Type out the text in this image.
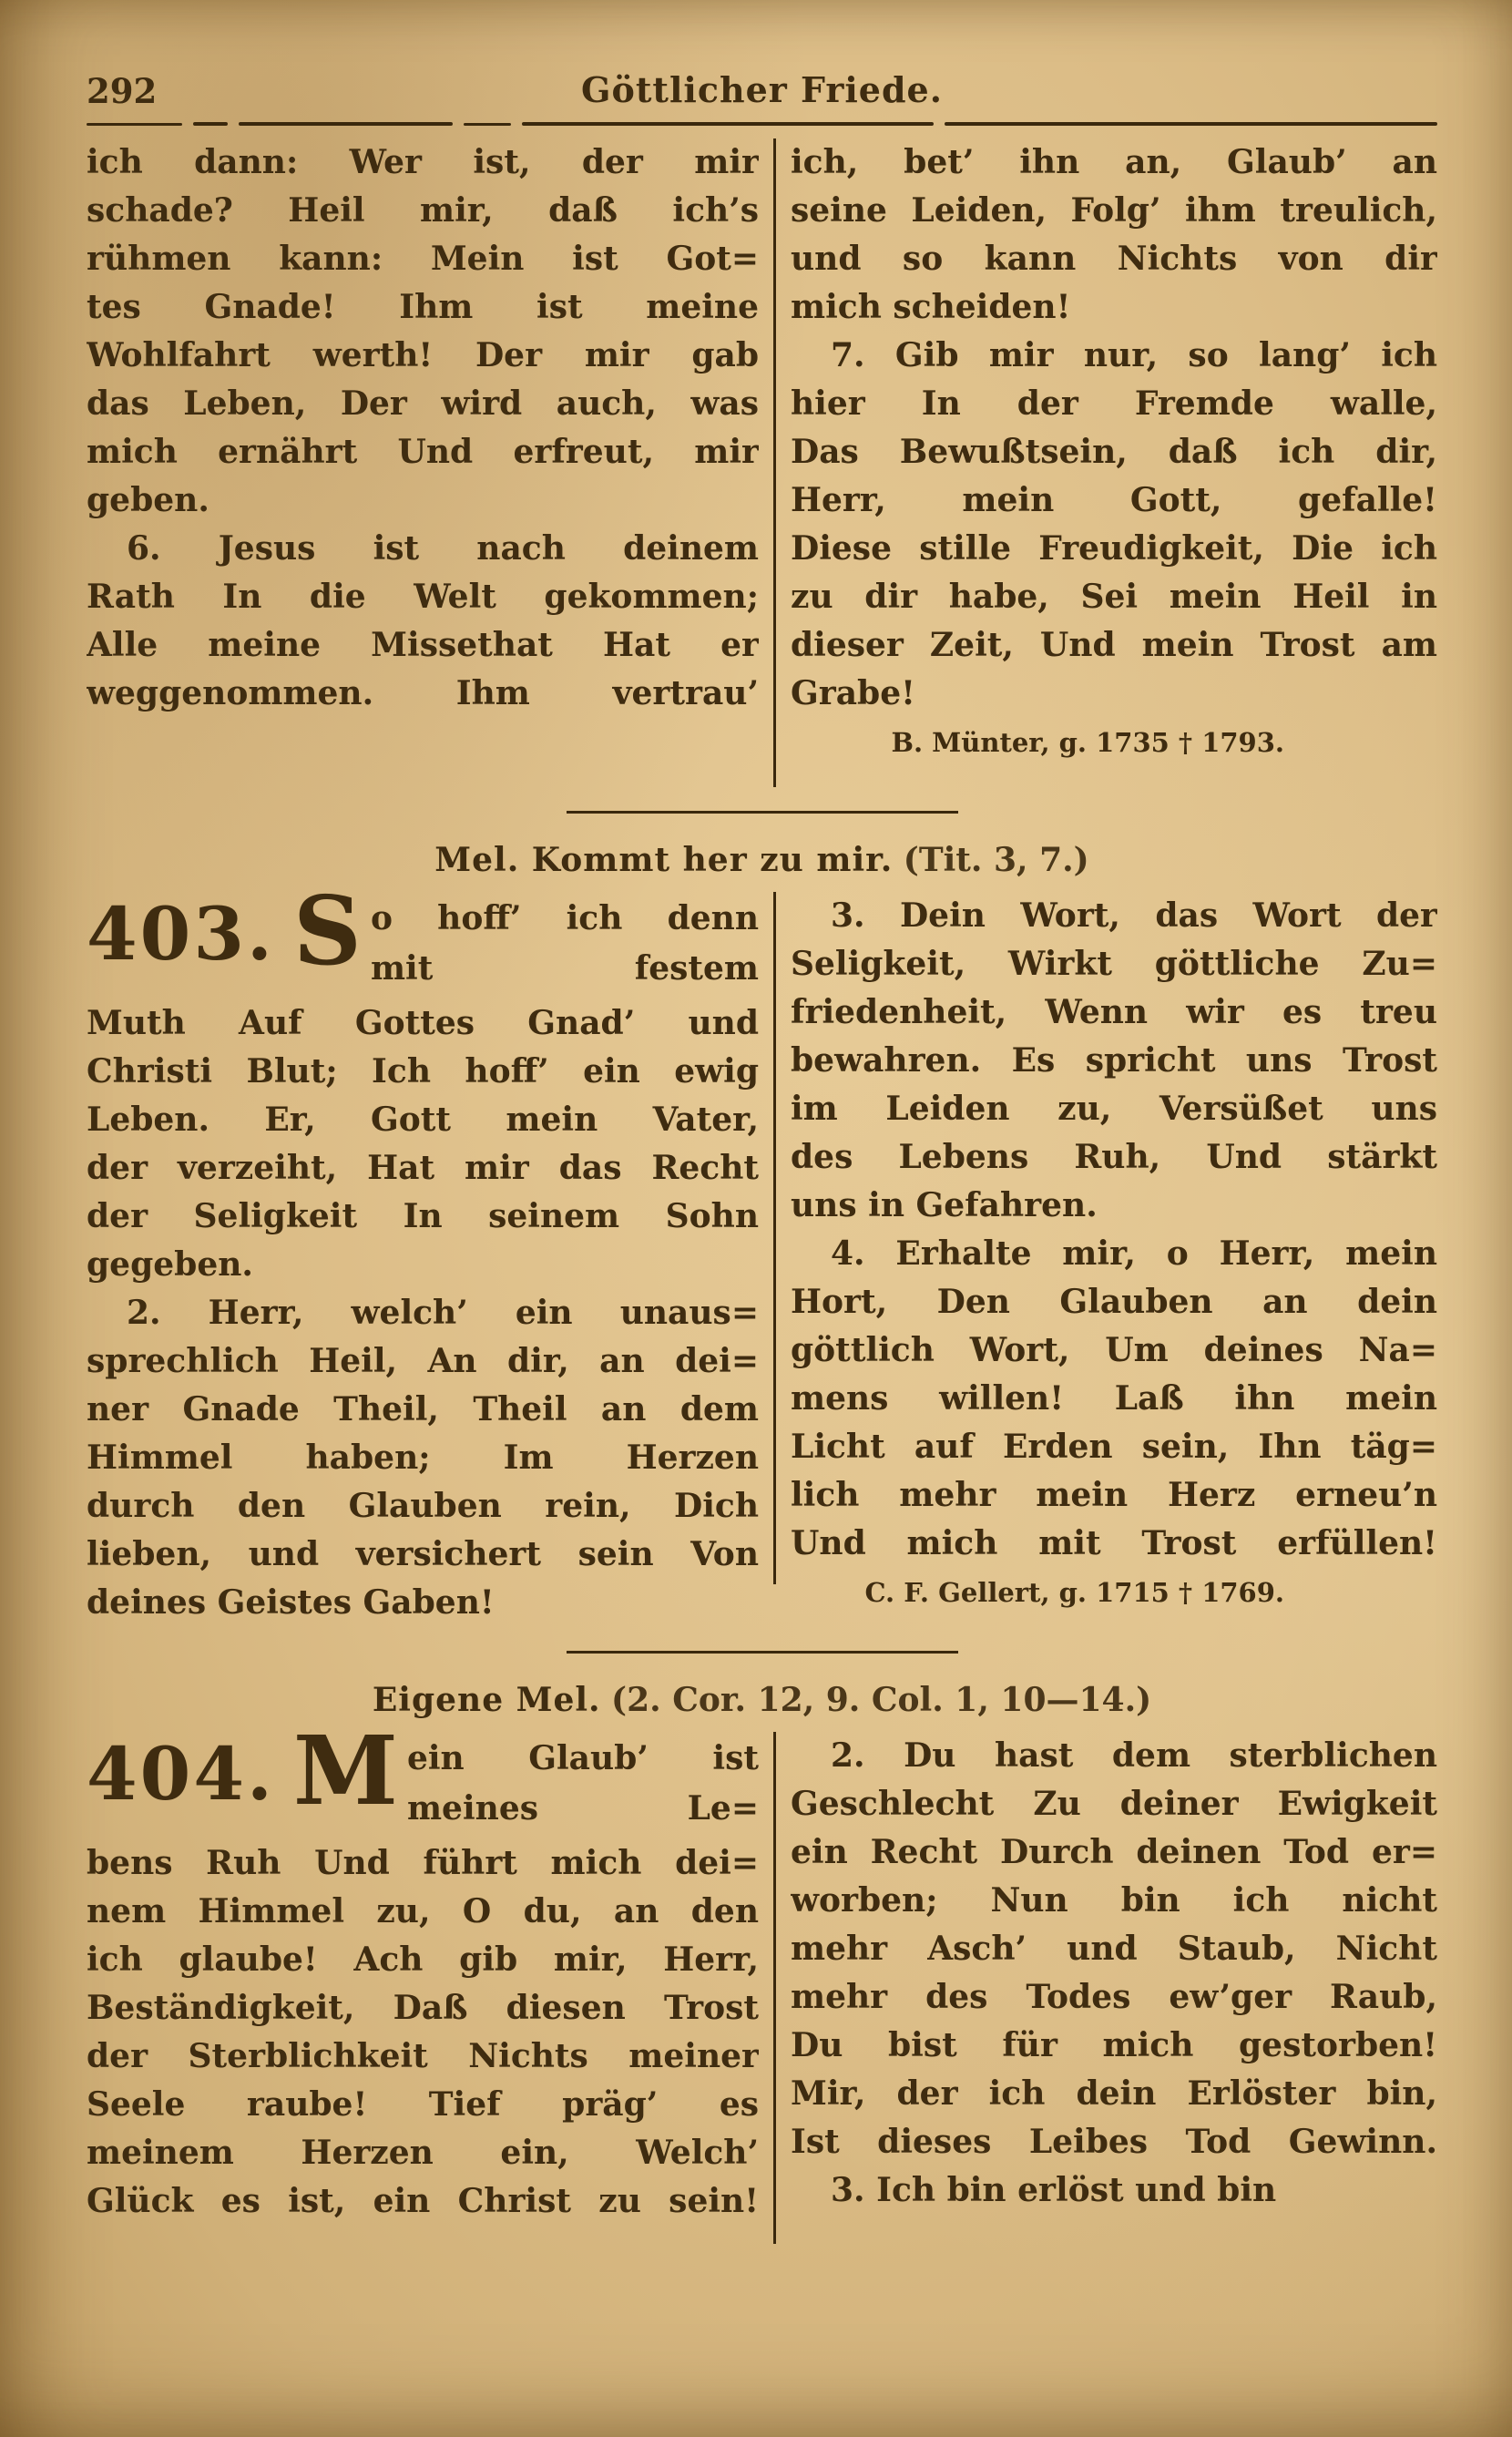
292	Göttlicher Friede.
ich dann: Wer ist, der mir
schade? Heil mir, daß ich’s
rühmen kann: Mein ist Got=
tes Gnade! Ihm ist meine
Wohlfahrt werth! Der mir gab
das Leben, Der wird auch, was
mich ernährt Und erfreut, mir
geben.
6. Jesus ist nach deinem
Rath In die Welt gekommen;
Alle meine Missethat Hat er
weggenommen. Ihm vertrau’
ich, bet’ ihn an, Glaub’ an
seine Leiden, Folg’ ihm treulich,
und so kann Nichts von dir
mich scheiden!
7. Gib mir nur, so lang’ ich
hier In der Fremde walle,
Das Bewußtsein, daß ich dir,
Herr, mein Gott, gefalle!
Diese stille Freudigkeit, Die ich
zu dir habe, Sei mein Heil in
dieser Zeit, Und mein Trost am
Grabe!
B. Münter, g. 1735 † 1793.
Mel. Kommt her zu mir. (Tit. 3, 7.)
403. S o hoff’ ich denn
mit festem
Muth Auf Gottes Gnad’ und
Christi Blut; Ich hoff’ ein ewig
Leben. Er, Gott mein Vater,
der verzeiht, Hat mir das Recht
der Seligkeit In seinem Sohn
gegeben.
2. Herr, welch’ ein unaus=
sprechlich Heil, An dir, an dei=
ner Gnade Theil, Theil an dem
Himmel haben; Im Herzen
durch den Glauben rein, Dich
lieben, und versichert sein Von
deines Geistes Gaben!
3. Dein Wort, das Wort der
Seligkeit, Wirkt göttliche Zu=
friedenheit, Wenn wir es treu
bewahren. Es spricht uns Trost
im Leiden zu, Versüßet uns
des Lebens Ruh, Und stärkt
uns in Gefahren.
4. Erhalte mir, o Herr, mein
Hort, Den Glauben an dein
göttlich Wort, Um deines Na=
mens willen! Laß ihn mein
Licht auf Erden sein, Ihn täg=
lich mehr mein Herz erneu’n
Und mich mit Trost erfüllen!
C. F. Gellert, g. 1715 † 1769.
Eigene Mel. (2. Cor. 12, 9. Col. 1, 10—14.)
404. M ein Glaub’ ist
meines Le=
bens Ruh Und führt mich dei=
nem Himmel zu, O du, an den
ich glaube! Ach gib mir, Herr,
Beständigkeit, Daß diesen Trost
der Sterblichkeit Nichts meiner
Seele raube! Tief präg’ es
meinem Herzen ein, Welch’
Glück es ist, ein Christ zu sein!
2. Du hast dem sterblichen
Geschlecht Zu deiner Ewigkeit
ein Recht Durch deinen Tod er=
worben; Nun bin ich nicht
mehr Asch’ und Staub, Nicht
mehr des Todes ew’ger Raub,
Du bist für mich gestorben!
Mir, der ich dein Erlöster bin,
Ist dieses Leibes Tod Gewinn.
3. Ich bin erlöst und bin
